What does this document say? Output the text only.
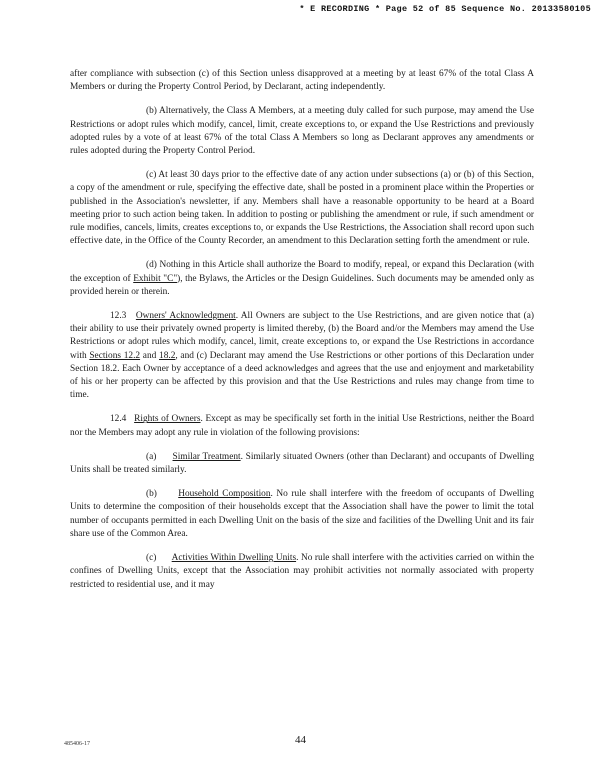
* E RECORDING * Page 52 of 85 Sequence No. 20133580105

after compliance with subsection (c) of this Section unless disapproved at a meeting by at least 67% of the total Class A Members or during the Property Control Period, by Declarant, acting independently.

(b) Alternatively, the Class A Members, at a meeting duly called for such purpose, may amend the Use Restrictions or adopt rules which modify, cancel, limit, create exceptions to, or expand the Use Restrictions and previously adopted rules by a vote of at least 67% of the total Class A Members so long as Declarant approves any amendments or rules adopted during the Property Control Period.

(c) At least 30 days prior to the effective date of any action under subsections (a) or (b) of this Section, a copy of the amendment or rule, specifying the effective date, shall be posted in a prominent place within the Properties or published in the Association's newsletter, if any. Members shall have a reasonable opportunity to be heard at a Board meeting prior to such action being taken. In addition to posting or publishing the amendment or rule, if such amendment or rule modifies, cancels, limits, creates exceptions to, or expands the Use Restrictions, the Association shall record upon such effective date, in the Office of the County Recorder, an amendment to this Declaration setting forth the amendment or rule.

(d) Nothing in this Article shall authorize the Board to modify, repeal, or expand this Declaration (with the exception of Exhibit "C"), the Bylaws, the Articles or the Design Guidelines. Such documents may be amended only as provided herein or therein.

12.3 Owners' Acknowledgment. All Owners are subject to the Use Restrictions, and are given notice that (a) their ability to use their privately owned property is limited thereby, (b) the Board and/or the Members may amend the Use Restrictions or adopt rules which modify, cancel, limit, create exceptions to, or expand the Use Restrictions in accordance with Sections 12.2 and 18.2, and (c) Declarant may amend the Use Restrictions or other portions of this Declaration under Section 18.2. Each Owner by acceptance of a deed acknowledges and agrees that the use and enjoyment and marketability of his or her property can be affected by this provision and that the Use Restrictions and rules may change from time to time.

12.4 Rights of Owners. Except as may be specifically set forth in the initial Use Restrictions, neither the Board nor the Members may adopt any rule in violation of the following provisions:

(a) Similar Treatment. Similarly situated Owners (other than Declarant) and occupants of Dwelling Units shall be treated similarly.

(b) Household Composition. No rule shall interfere with the freedom of occupants of Dwelling Units to determine the composition of their households except that the Association shall have the power to limit the total number of occupants permitted in each Dwelling Unit on the basis of the size and facilities of the Dwelling Unit and its fair share use of the Common Area.

(c) Activities Within Dwelling Units. No rule shall interfere with the activities carried on within the confines of Dwelling Units, except that the Association may prohibit activities not normally associated with property restricted to residential use, and it may

485406-17	44
